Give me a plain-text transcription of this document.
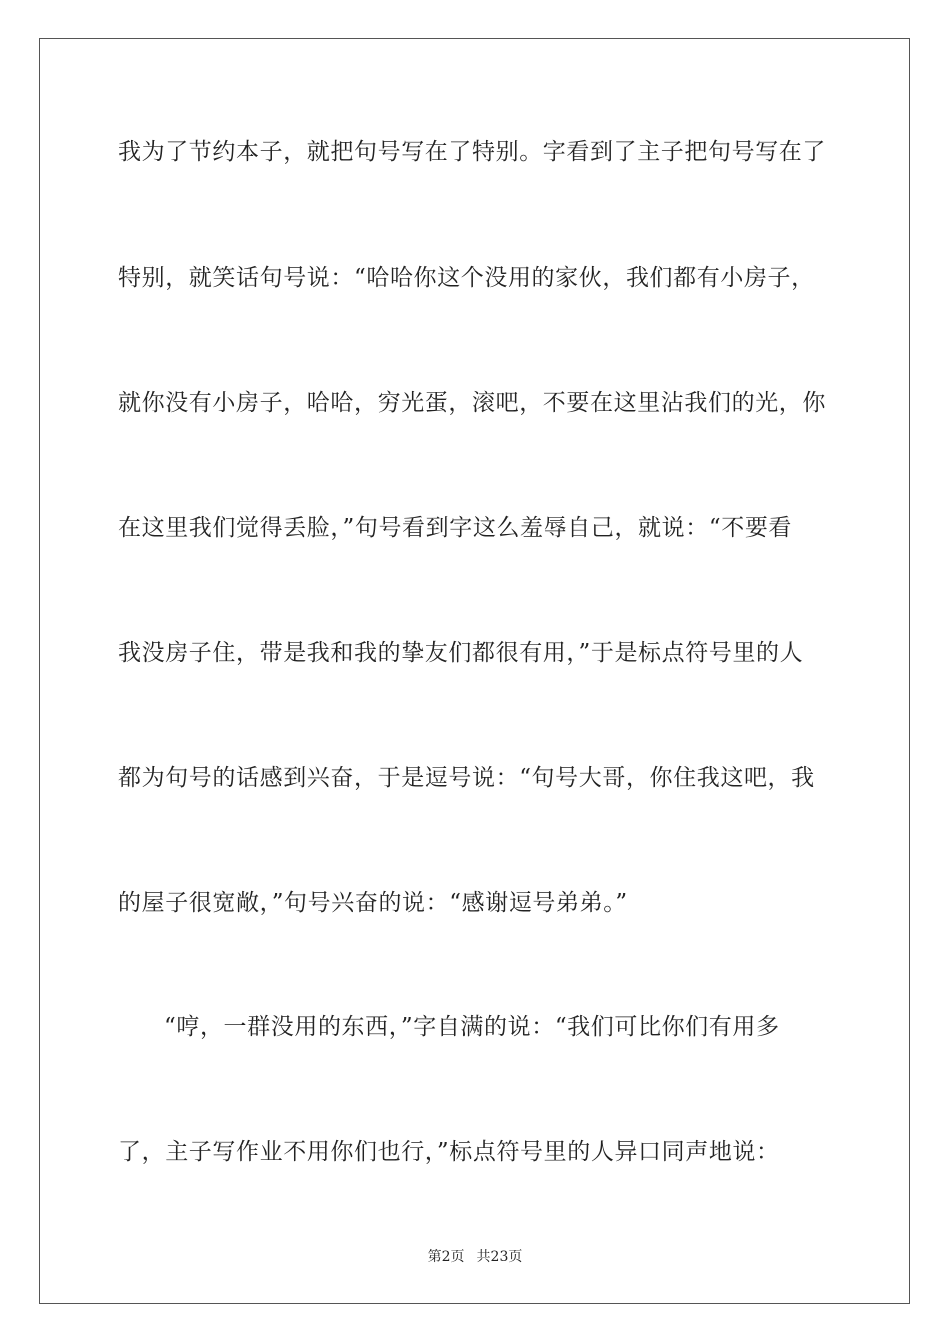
我为了节约本子，就把句号写在了特别。字看到了主子把句号写在了
特别，就笑话句号说：“哈哈你这个没用的家伙，我们都有小房子，
就你没有小房子，哈哈，穷光蛋，滚吧，不要在这里沾我们的光，你
在这里我们觉得丢脸，”句号看到字这么羞辱自己，就说：“不要看
我没房子住，带是我和我的挚友们都很有用，”于是标点符号里的人
都为句号的话感到兴奋，于是逗号说：“句号大哥，你住我这吧，我
的屋子很宽敞，”句号兴奋的说：“感谢逗号弟弟。”
“哼，一群没用的东西，”字自满的说：“我们可比你们有用多
了，主子写作业不用你们也行，”标点符号里的人异口同声地说：
第2页 共23页
